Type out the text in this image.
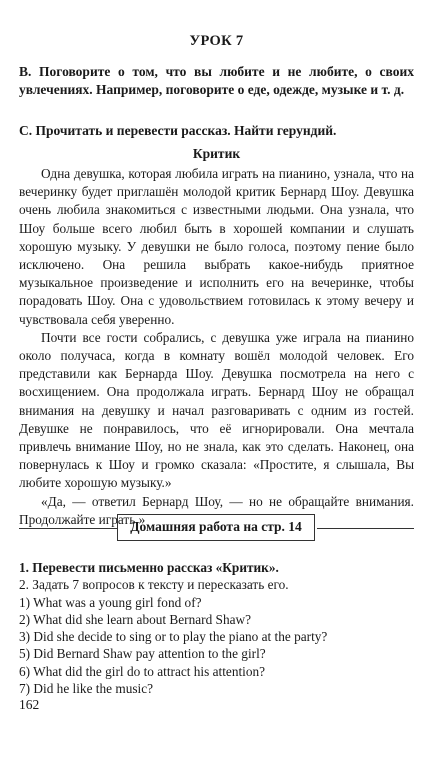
УРОК 7
В. Поговорите о том, что вы любите и не любите, о своих увлечениях. Например, поговорите о еде, одежде, музыке и т. д.
С. Прочитать и перевести рассказ. Найти герундий.
Критик

Одна девушка, которая любила играть на пианино, узнала, что на вечеринку будет приглашён молодой критик Бернард Шоу. Девушка очень любила знакомиться с известными людьми. Она узнала, что Шоу больше всего любил быть в хорошей компании и слушать хорошую музыку. У девушки не было голоса, поэтому пение было исключено. Она решила выбрать какое-нибудь приятное музыкальное произведение и исполнить его на вечеринке, чтобы порадовать Шоу. Она с удовольствием готовилась к этому вечеру и чувствовала себя уверенно.

Почти все гости собрались, с девушка уже играла на пианино около получаса, когда в комнату вошёл молодой человек. Его представили как Бернарда Шоу. Девушка посмотрела на него с восхищением. Она продолжала играть. Бернард Шоу не обращал внимания на девушку и начал разговаривать с одним из гостей. Девушке не понравилось, что её игнорировали. Она мечтала привлечь внимание Шоу, но не знала, как это сделать. Наконец, она повернулась к Шоу и громко сказала: «Простите, я слышала, Вы любите хорошую музыку.»

«Да, — ответил Бернард Шоу, — но не обращайте внимания. Продолжайте играть.»

Домашняя работа на стр. 14
1. Перевести письменно рассказ «Критик».
2. Задать 7 вопросов к тексту и пересказать его.
1) What was a young girl fond of?
2) What did she learn about Bernard Shaw?
3) Did she decide to sing or to play the piano at the party?
5) Did Bernard Shaw pay attention to the girl?
6) What did the girl do to attract his attention?
7) Did he like the music?
162
